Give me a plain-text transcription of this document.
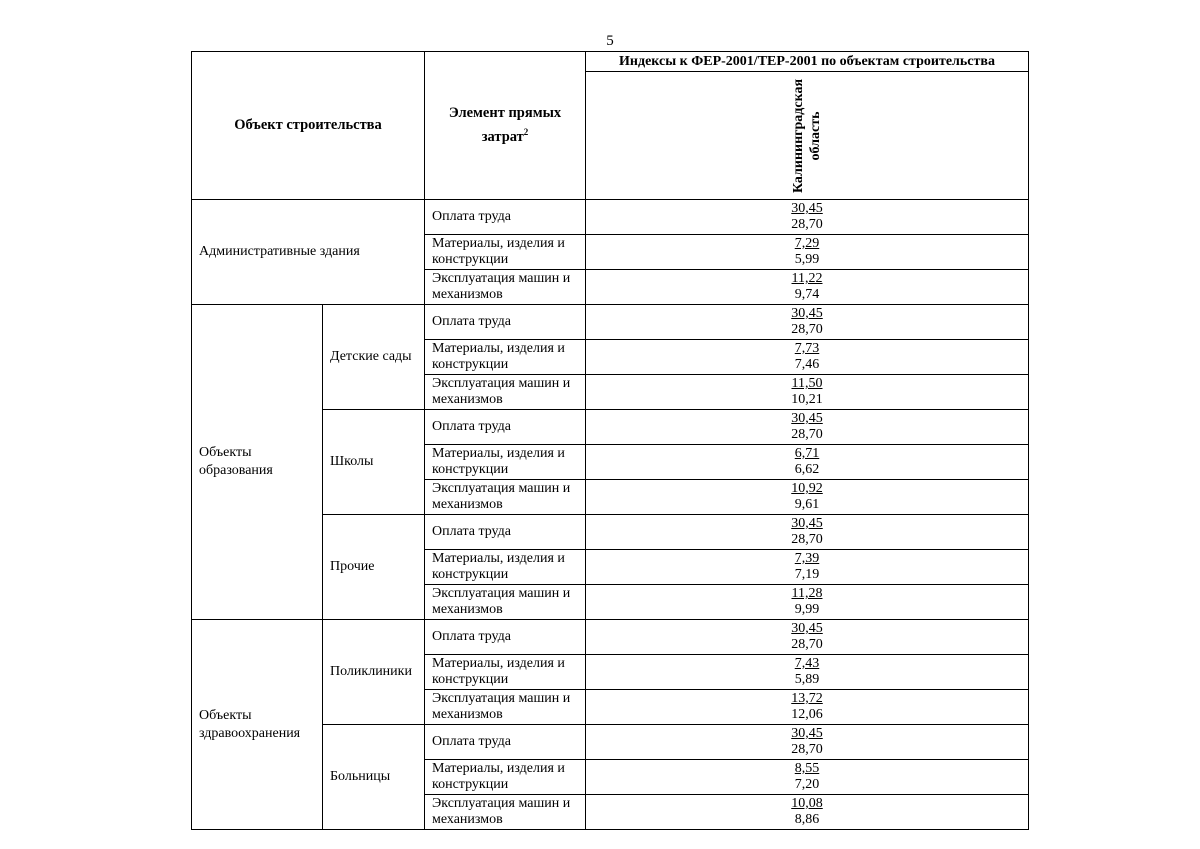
5
Объект строительства		Элемент прямых затрат$^2$	Индексы к ФЕР-2001/ТЕР-2001 по объектам строительства

			Калининградская область

Административные здания		Оплата труда	30,45
28,70

		Материалы, изделия и конструкции	7,29
5,99

		Эксплуатация машин и механизмов	11,22
9,74

Объекты образования	Детские сады	Оплата труда	30,45
28,70

		Материалы, изделия и конструкции	7,73
7,46

		Эксплуатация машин и механизмов	11,50
10,21

	Школы	Оплата труда	30,45
28,70

		Материалы, изделия и конструкции	6,71
6,62

		Эксплуатация машин и механизмов	10,92
9,61

	Прочие	Оплата труда	30,45
28,70

		Материалы, изделия и конструкции	7,39
7,19

		Эксплуатация машин и механизмов	11,28
9,99

Объекты здравоохранения	Поликлиники	Оплата труда	30,45
28,70

		Материалы, изделия и конструкции	7,43
5,89

		Эксплуатация машин и механизмов	13,72
12,06

	Больницы	Оплата труда	30,45
28,70

		Материалы, изделия и конструкции	8,55
7,20

		Эксплуатация машин и механизмов	10,08
8,86
